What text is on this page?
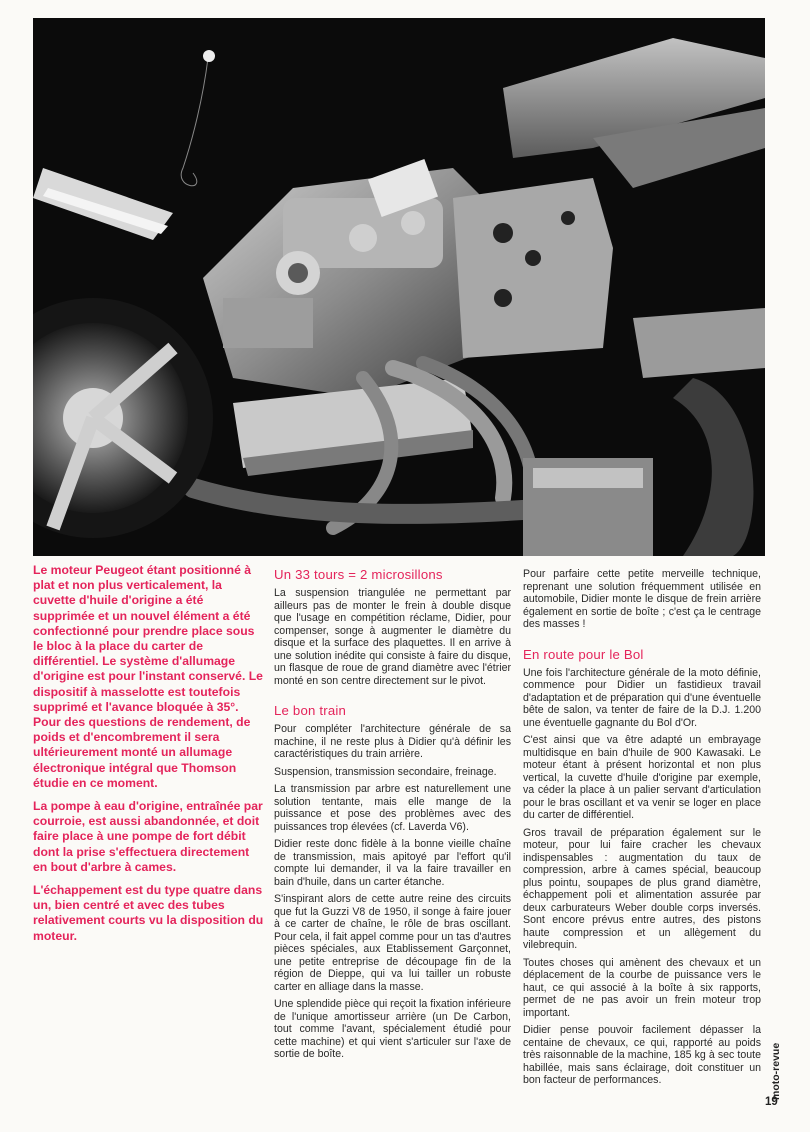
Le moteur Peugeot étant positionné à plat et non plus verticalement, la cuvette d'huile d'origine a été supprimée et un nouvel élément a été confectionné pour prendre place sous le bloc à la place du carter de différentiel. Le système d'allumage d'origine est pour l'instant conservé. Le dispositif à masselotte est toutefois supprimé et l'avance bloquée à 35°. Pour des questions de rendement, de poids et d'encombrement il sera ultérieurement monté un allumage électronique intégral que Thomson étudie en ce moment.

La pompe à eau d'origine, entraînée par courroie, est aussi abandonnée, et doit faire place à une pompe de fort débit dont la prise s'effectuera directement en bout d'arbre à cames.

L'échappement est du type quatre dans un, bien centré et avec des tubes relativement courts vu la disposition du moteur.

Un 33 tours = 2 microsillons

La suspension triangulée ne permettant par ailleurs pas de monter le frein à double disque que l'usage en compétition réclame, Didier, pour compenser, songe à augmenter le diamètre du disque et la surface des plaquettes. Il en arrive à une solution inédite qui consiste à faire du disque, un flasque de roue de grand diamètre avec l'étrier monté en son centre directement sur le pivot.

Le bon train

Pour compléter l'architecture générale de sa machine, il ne reste plus à Didier qu'à définir les caractéristiques du train arrière.

Suspension, transmission secondaire, freinage.

La transmission par arbre est naturellement une solution tentante, mais elle mange de la puissance et pose des problèmes avec des puissances trop élevées (cf. Laverda V6).

Didier reste donc fidèle à la bonne vieille chaîne de transmission, mais apitoyé par l'effort qu'il compte lui demander, il va la faire travailler en bain d'huile, dans un carter étanche.

S'inspirant alors de cette autre reine des circuits que fut la Guzzi V8 de 1950, il songe à faire jouer à ce carter de chaîne, le rôle de bras oscillant. Pour cela, il fait appel comme pour un tas d'autres pièces spéciales, aux Etablissement Garçonnet, une petite entreprise de découpage fin de la région de Dieppe, qui va lui tailler un robuste carter en alliage dans la masse.

Une splendide pièce qui reçoit la fixation inférieure de l'unique amortisseur arrière (un De Carbon, tout comme l'avant, spécialement étudié pour cette machine) et qui vient s'articuler sur l'axe de sortie de boîte.

Pour parfaire cette petite merveille technique, reprenant une solution fréquemment utilisée en automobile, Didier monte le disque de frein arrière également en sortie de boîte ; c'est ça le centrage des masses !

En route pour le Bol

Une fois l'architecture générale de la moto définie, commence pour Didier un fastidieux travail d'adaptation et de préparation qui d'une éventuelle bête de salon, va tenter de faire de la D.J. 1.200 une éventuelle gagnante du Bol d'Or.

C'est ainsi que va être adapté un embrayage multidisque en bain d'huile de 900 Kawasaki. Le moteur étant à présent horizontal et non plus vertical, la cuvette d'huile d'origine par exemple, va céder la place à un palier servant d'articulation pour le bras oscillant et va venir se loger en place du carter de différentiel.

Gros travail de préparation également sur le moteur, pour lui faire cracher les chevaux indispensables : augmentation du taux de compression, arbre à cames spécial, beaucoup plus pointu, soupapes de plus grand diamètre, échappement poli et alimentation assurée par deux carburateurs Weber double corps inversés. Sont encore prévus entre autres, des pistons haute compression et un allègement du vilebrequin.

Toutes choses qui amènent des chevaux et un déplacement de la courbe de puissance vers le haut, ce qui associé à la boîte à six rapports, permet de ne pas avoir un frein moteur trop important.

Didier pense pouvoir facilement dépasser la centaine de chevaux, ce qui, rapporté au poids très raisonnable de la machine, 185 kg à sec toute habillée, mais sans éclairage, doit constituer un bon facteur de performances.	moto-revue
19
